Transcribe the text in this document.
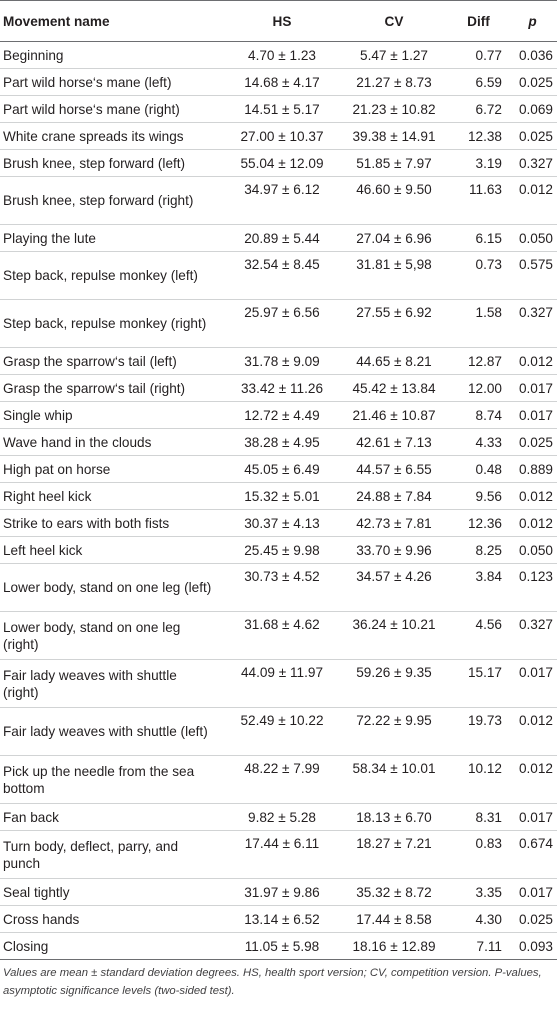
Movement name	HS	CV	Diff	p
Beginning	4.70 ± 1.23	5.47 ± 1.27	0.77	0.036
Part wild horse‘s mane (left)	14.68 ± 4.17	21.27 ± 8.73	6.59	0.025
Part wild horse‘s mane (right)	14.51 ± 5.17	21.23 ± 10.82	6.72	0.069
White crane spreads its wings	27.00 ± 10.37	39.38 ± 14.91	12.38	0.025
Brush knee, step forward (left)	55.04 ± 12.09	51.85 ± 7.97	3.19	0.327
Brush knee, step forward (right)	34.97 ± 6.12	46.60 ± 9.50	11.63	0.012
Playing the lute	20.89 ± 5.44	27.04 ± 6.96	6.15	0.050
Step back, repulse monkey (left)	32.54 ± 8.45	31.81 ± 5,98	0.73	0.575
Step back, repulse monkey (right)	25.97 ± 6.56	27.55 ± 6.92	1.58	0.327
Grasp the sparrow‘s tail (left)	31.78 ± 9.09	44.65 ± 8.21	12.87	0.012
Grasp the sparrow‘s tail (right)	33.42 ± 11.26	45.42 ± 13.84	12.00	0.017
Single whip	12.72 ± 4.49	21.46 ± 10.87	8.74	0.017
Wave hand in the clouds	38.28 ± 4.95	42.61 ± 7.13	4.33	0.025
High pat on horse	45.05 ± 6.49	44.57 ± 6.55	0.48	0.889
Right heel kick	15.32 ± 5.01	24.88 ± 7.84	9.56	0.012
Strike to ears with both fists	30.37 ± 4.13	42.73 ± 7.81	12.36	0.012
Left heel kick	25.45 ± 9.98	33.70 ± 9.96	8.25	0.050
Lower body, stand on one leg (left)	30.73 ± 4.52	34.57 ± 4.26	3.84	0.123
Lower body, stand on one leg (right)	31.68 ± 4.62	36.24 ± 10.21	4.56	0.327
Fair lady weaves with shuttle (right)	44.09 ± 11.97	59.26 ± 9.35	15.17	0.017
Fair lady weaves with shuttle (left)	52.49 ± 10.22	72.22 ± 9.95	19.73	0.012
Pick up the needle from the sea bottom	48.22 ± 7.99	58.34 ± 10.01	10.12	0.012
Fan back	9.82 ± 5.28	18.13 ± 6.70	8.31	0.017
Turn body, deflect, parry, and punch	17.44 ± 6.11	18.27 ± 7.21	0.83	0.674
Seal tightly	31.97 ± 9.86	35.32 ± 8.72	3.35	0.017
Cross hands	13.14 ± 6.52	17.44 ± 8.58	4.30	0.025
Closing	11.05 ± 5.98	18.16 ± 12.89	7.11	0.093
Values are mean ± standard deviation degrees. HS, health sport version; CV, competition version. P-values, asymptotic significance levels (two-sided test).
